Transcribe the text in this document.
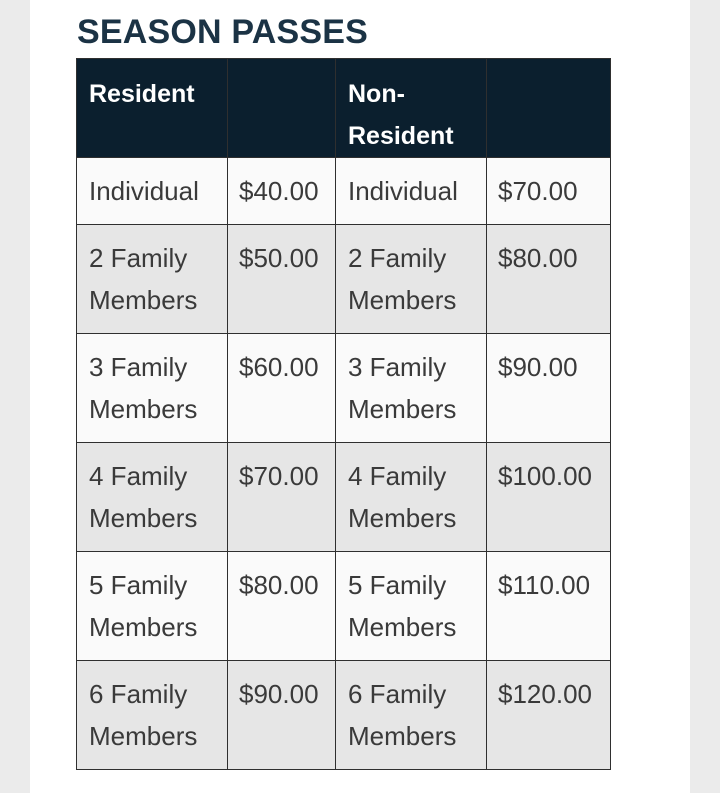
SEASON PASSES
Resident		Non-Resident	
Individual	$40.00	Individual	$70.00
2 Family Members	$50.00	2 Family Members	$80.00
3 Family Members	$60.00	3 Family Members	$90.00
4 Family Members	$70.00	4 Family Members	$100.00
5 Family Members	$80.00	5 Family Members	$110.00
6 Family Members	$90.00	6 Family Members	$120.00
